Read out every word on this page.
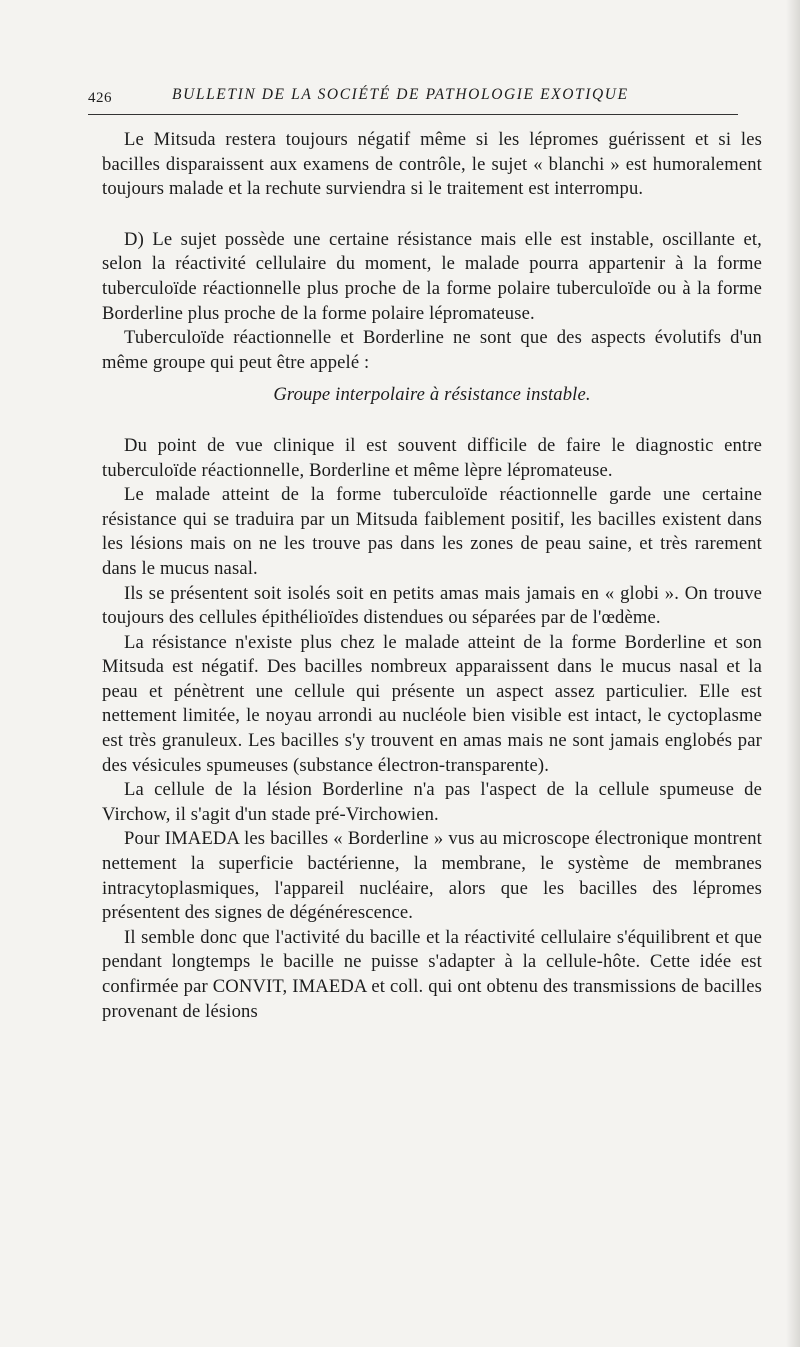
426	BULLETIN DE LA SOCIÉTÉ DE PATHOLOGIE EXOTIQUE

Le Mitsuda restera toujours négatif même si les lépromes guérissent et si les bacilles disparaissent aux examens de contrôle, le sujet « blanchi » est humoralement toujours malade et la rechute surviendra si le traitement est interrompu.

D) Le sujet possède une certaine résistance mais elle est instable, oscillante et, selon la réactivité cellulaire du moment, le malade pourra appartenir à la forme tuberculoïde réactionnelle plus proche de la forme polaire tuberculoïde ou à la forme Borderline plus proche de la forme polaire lépromateuse.

Tuberculoïde réactionnelle et Borderline ne sont que des aspects évolutifs d'un même groupe qui peut être appelé :

Groupe interpolaire à résistance instable.

Du point de vue clinique il est souvent difficile de faire le diagnostic entre tuberculoïde réactionnelle, Borderline et même lèpre lépromateuse.

Le malade atteint de la forme tuberculoïde réactionnelle garde une certaine résistance qui se traduira par un Mitsuda faiblement positif, les bacilles existent dans les lésions mais on ne les trouve pas dans les zones de peau saine, et très rarement dans le mucus nasal.

Ils se présentent soit isolés soit en petits amas mais jamais en « globi ». On trouve toujours des cellules épithélioïdes distendues ou séparées par de l'œdème.

La résistance n'existe plus chez le malade atteint de la forme Borderline et son Mitsuda est négatif. Des bacilles nombreux apparaissent dans le mucus nasal et la peau et pénètrent une cellule qui présente un aspect assez particulier. Elle est nettement limitée, le noyau arrondi au nucléole bien visible est intact, le cyctoplasme est très granuleux. Les bacilles s'y trouvent en amas mais ne sont jamais englobés par des vésicules spumeuses (substance électron-transparente).

La cellule de la lésion Borderline n'a pas l'aspect de la cellule spumeuse de Virchow, il s'agit d'un stade pré-Virchowien.

Pour IMAEDA les bacilles « Borderline » vus au microscope électronique montrent nettement la superficie bactérienne, la membrane, le système de membranes intracytoplasmiques, l'appareil nucléaire, alors que les bacilles des lépromes présentent des signes de dégénérescence.

Il semble donc que l'activité du bacille et la réactivité cellulaire s'équilibrent et que pendant longtemps le bacille ne puisse s'adapter à la cellule-hôte. Cette idée est confirmée par CONVIT, IMAEDA et coll. qui ont obtenu des transmissions de bacilles provenant de lésions
